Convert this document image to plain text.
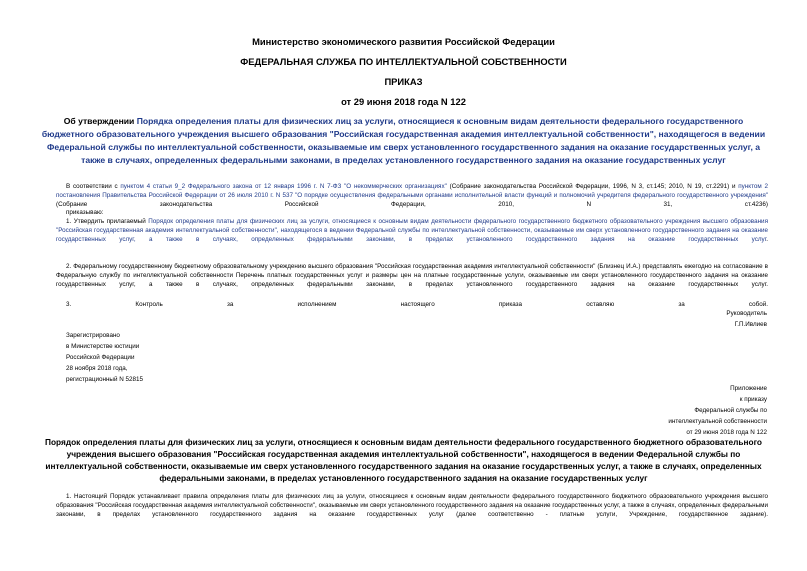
Министерство экономического развития Российской Федерации
ФЕДЕРАЛЬНАЯ СЛУЖБА ПО ИНТЕЛЛЕКТУАЛЬНОЙ СОБСТВЕННОСТИ
ПРИКАЗ
от 29 июня 2018 года N 122
Об утверждении Порядка определения платы для физических лиц за услуги, относящиеся к основным видам деятельности федерального государственного бюджетного образовательного учреждения высшего образования "Российская государственная академия интеллектуальной собственности", находящегося в ведении Федеральной службы по интеллектуальной собственности, оказываемые им сверх установленного государственного задания на оказание государственных услуг, а также в случаях, определенных федеральными законами, в пределах установленного государственного задания на оказание государственных услуг
В соответствии с пунктом 4 статьи 9_2 Федерального закона от 12 января 1996 г. N 7-ФЗ "О некоммерческих организациях" (Собрание законодательства Российской Федерации, 1996, N 3, ст.145; 2010, N 19, ст.2291) и пунктом 2 постановления Правительства Российской Федерации от 26 июля 2010 г. N 537 "О порядке осуществления федеральными органами исполнительной власти функций и полномочий учредителя федерального государственного учреждения" (Собрание законодательства Российской Федерации, 2010, N 31, ст.4236)
приказываю:
1. Утвердить прилагаемый Порядок определения платы для физических лиц за услуги, относящиеся к основным видам деятельности федерального государственного бюджетного образовательного учреждения высшего образования "Российская государственная академия интеллектуальной собственности", находящегося в ведении Федеральной службы по интеллектуальной собственности, оказываемые им сверх установленного государственного задания на оказание государственных услуг, а также в случаях, определенных федеральными законами, в пределах установленного государственного задания на оказание государственных услуг.
2. Федеральному государственному бюджетному образовательному учреждению высшего образования "Российская государственная академия интеллектуальной собственности" (Близнец И.А.) представлять ежегодно на согласование в Федеральную службу по интеллектуальной собственности Перечень платных государственных услуг и размеры цен на платные государственные услуги, оказываемые им сверх установленного государственного задания на оказание государственных услуг, а также в случаях, определенных федеральными законами, в пределах установленного государственного задания на оказание государственных услуг.
3. Контроль за исполнением настоящего приказа оставляю за собой.
Руководитель
Г.П.Ивлиев
Зарегистрировано
в Министерстве юстиции
Российской Федерации
28 ноября 2018 года,
регистрационный N 52815
Приложение
к приказу
Федеральной службы по
интеллектуальной собственности
от 29 июня 2018 года N 122
Порядок определения платы для физических лиц за услуги, относящиеся к основным видам деятельности федерального государственного бюджетного образовательного учреждения высшего образования "Российская государственная академия интеллектуальной собственности", находящегося в ведении Федеральной службы по интеллектуальной собственности, оказываемые им сверх установленного государственного задания на оказание государственных услуг, а также в случаях, определенных федеральными законами, в пределах установленного государственного задания на оказание государственных услуг
1. Настоящий Порядок устанавливает правила определения платы для физических лиц за услуги, относящиеся к основным видам деятельности федерального государственного бюджетного образовательного учреждения высшего образования "Российская государственная академия интеллектуальной собственности", оказываемые им сверх установленного государственного задания на оказание государственных услуг, а также в случаях, определенных федеральными законами, в пределах установленного государственного задания на оказание государственных услуг (далее соответственно - платные услуги, Учреждение, государственное задание).
